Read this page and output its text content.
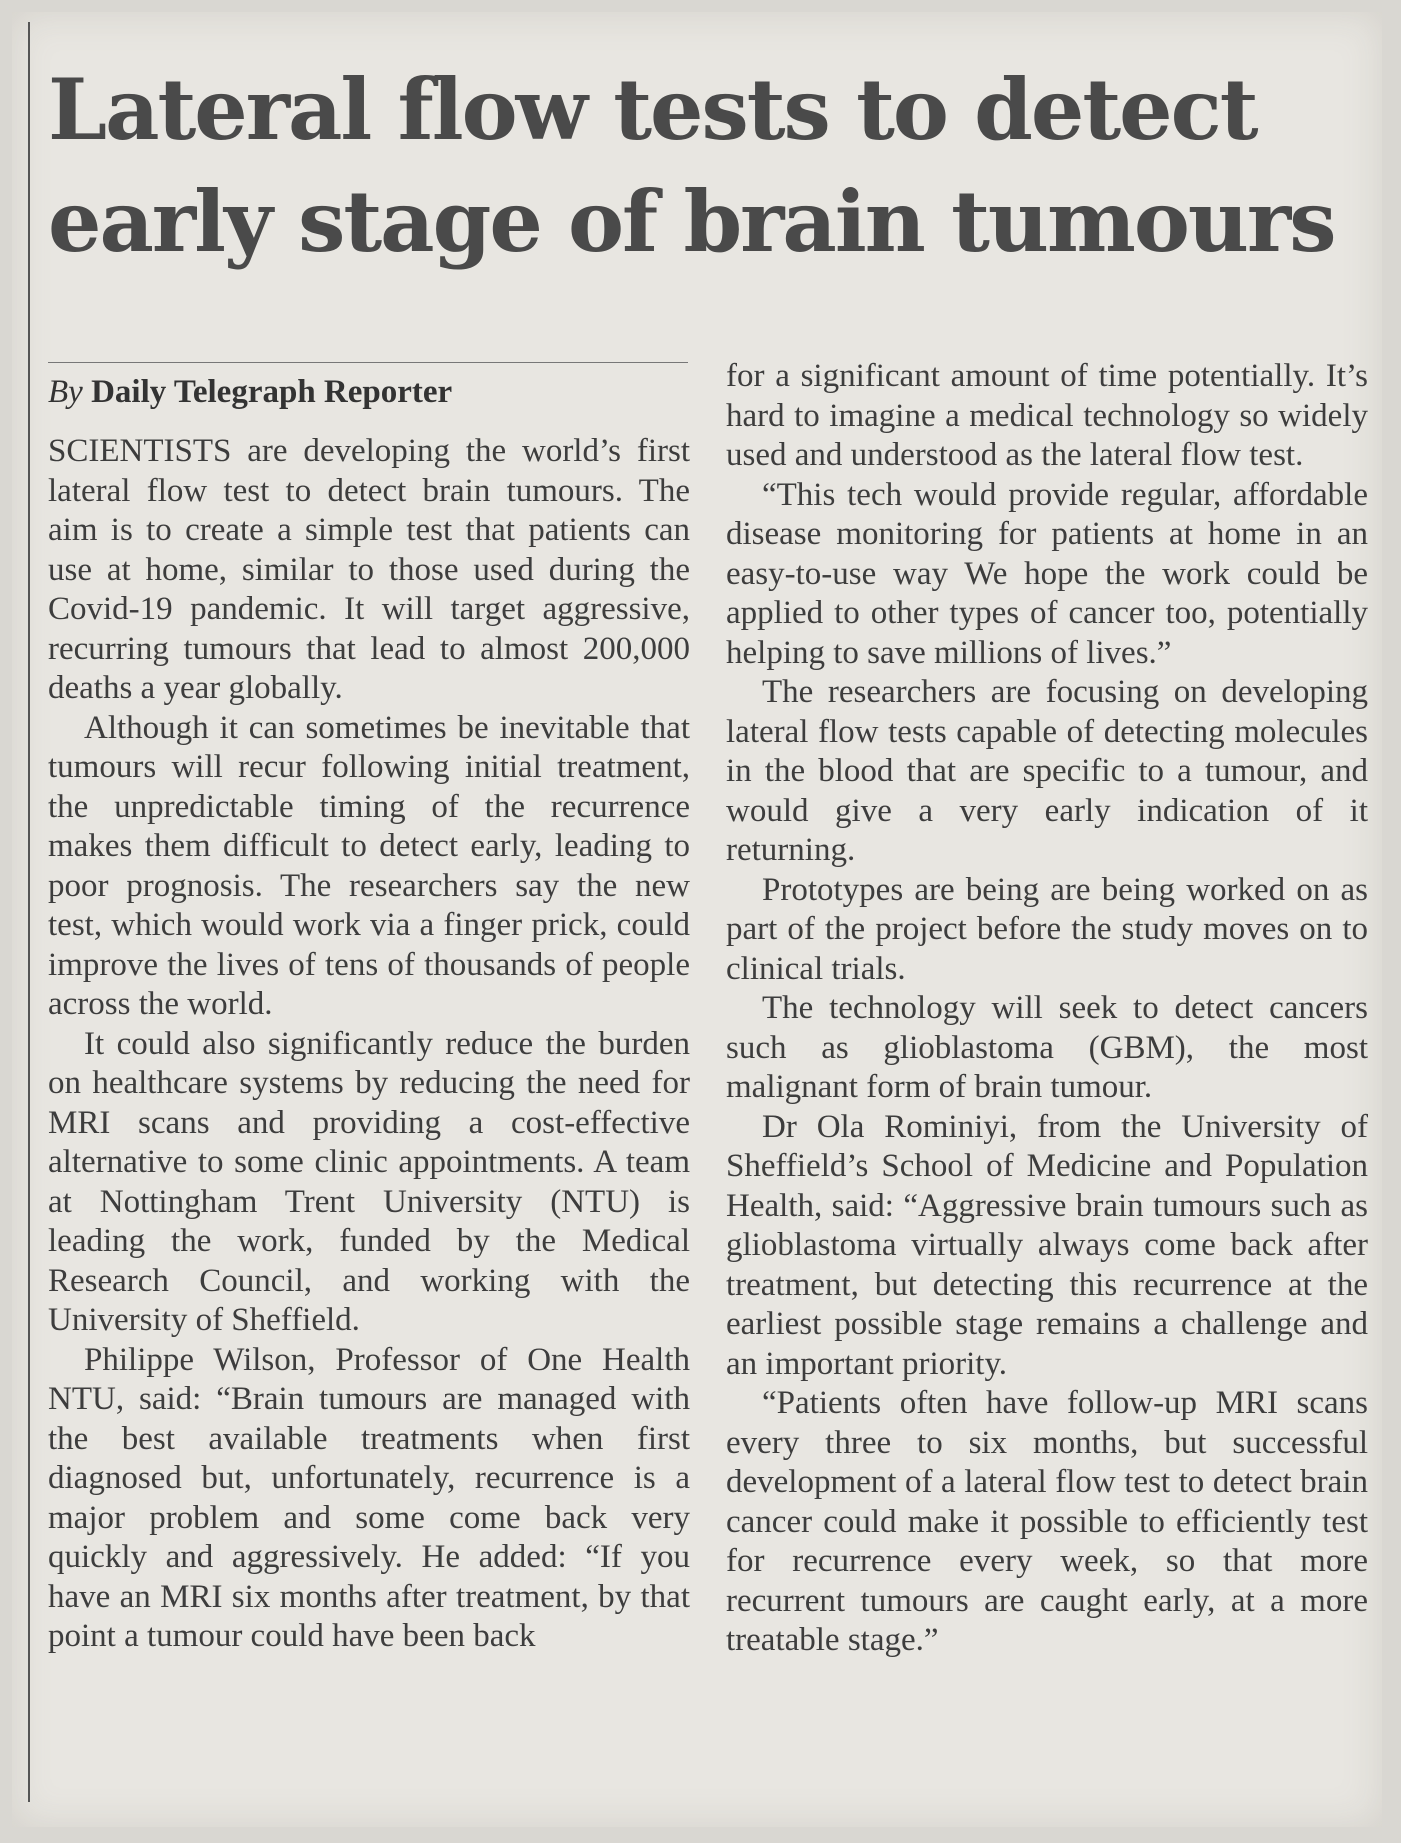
Lateral flow tests to detect early stage of brain tumours
By Daily Telegraph Reporter

SCIENTISTS are developing the world’s first lateral flow test to detect brain tumours. The aim is to create a simple test that patients can use at home, similar to those used during the Covid-19 pandemic. It will target aggressive, recurring tumours that lead to almost 200,000 deaths a year globally.

Although it can sometimes be inevitable that tumours will recur following initial treatment, the unpredictable timing of the recurrence makes them difficult to detect early, leading to poor prognosis. The researchers say the new test, which would work via a finger prick, could improve the lives of tens of thousands of people across the world.

It could also significantly reduce the burden on healthcare systems by reducing the need for MRI scans and providing a cost-effective alternative to some clinic appointments. A team at Nottingham Trent University (NTU) is leading the work, funded by the Medical Research Council, and working with the University of Sheffield.

Philippe Wilson, Professor of One Health NTU, said: “Brain tumours are managed with the best available treatments when first diagnosed but, unfortunately, recurrence is a major problem and some come back very quickly and aggressively. He added: “If you have an MRI six months after treatment, by that point a tumour could have been back

for a significant amount of time potentially. It’s hard to imagine a medical technology so widely used and understood as the lateral flow test.

“This tech would provide regular, affordable disease monitoring for patients at home in an easy-to-use way We hope the work could be applied to other types of cancer too, potentially helping to save millions of lives.”

The researchers are focusing on developing lateral flow tests capable of detecting molecules in the blood that are specific to a tumour, and would give a very early indication of it returning.

Prototypes are being are being worked on as part of the project before the study moves on to clinical trials.

The technology will seek to detect cancers such as glioblastoma (GBM), the most malignant form of brain tumour.

Dr Ola Rominiyi, from the University of Sheffield’s School of Medicine and Population Health, said: “Aggressive brain tumours such as glioblastoma virtually always come back after treatment, but detecting this recurrence at the earliest possible stage remains a challenge and an important priority.

“Patients often have follow-up MRI scans every three to six months, but successful development of a lateral flow test to detect brain cancer could make it possible to efficiently test for recurrence every week, so that more recurrent tumours are caught early, at a more treatable stage.”
